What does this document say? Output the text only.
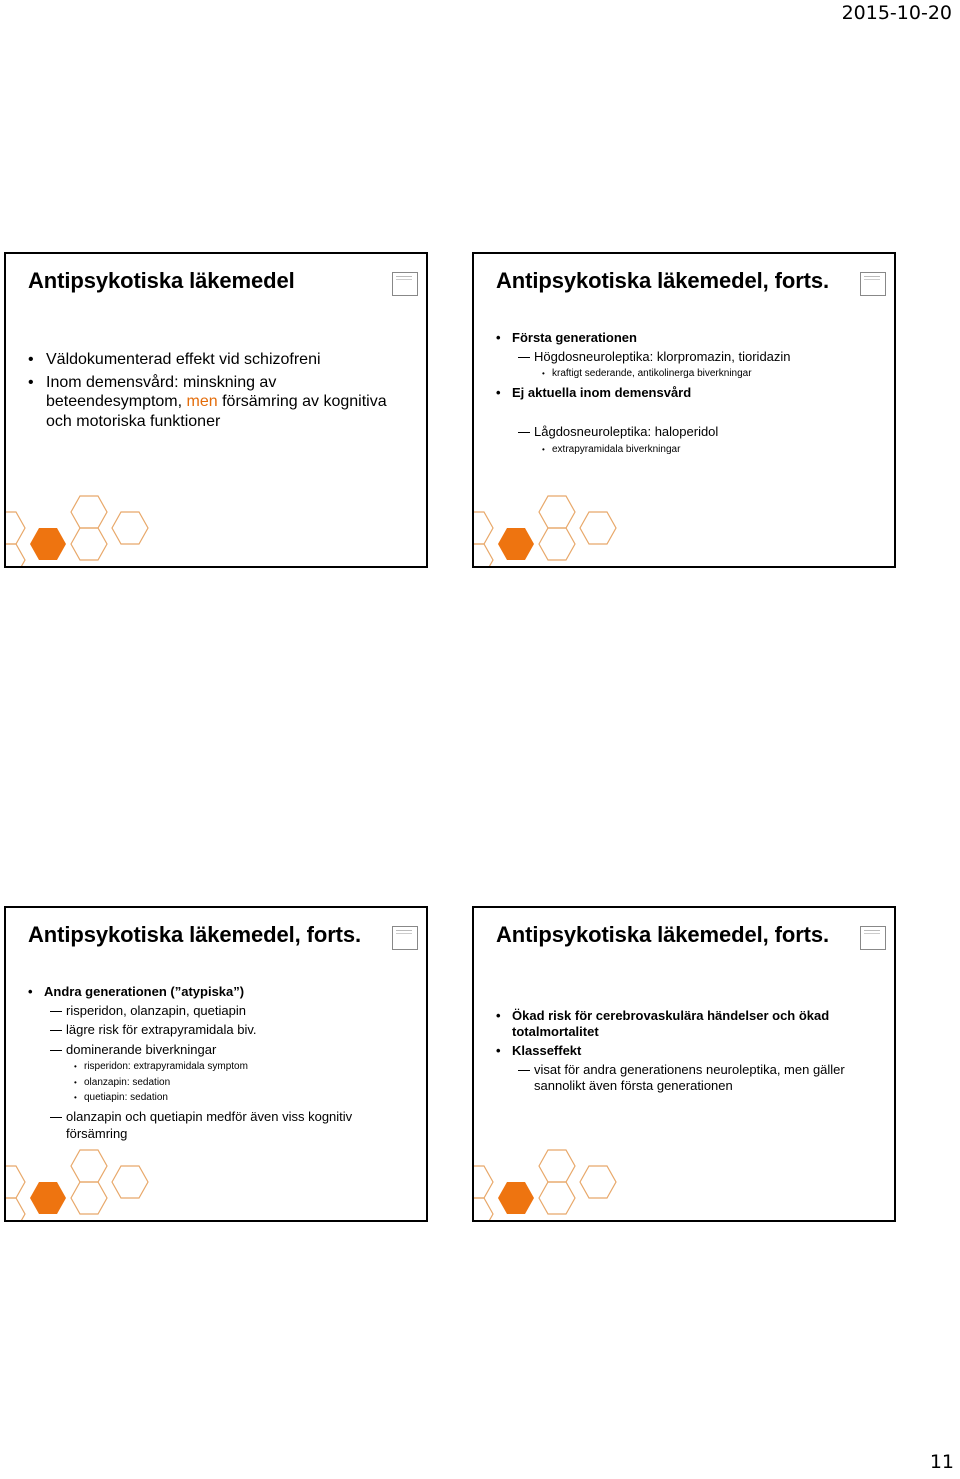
2015-10-20
Antipsykotiska läkemedel
• Väldokumenterad effekt vid schizofreni
• Inom demensvård: minskning av beteendesymptom, men försämring av kognitiva och motoriska funktioner
Antipsykotiska läkemedel, forts.
• Första generationen
Högdosneuroleptika: klorpromazin, tioridazin
• kraftigt sederande, antikolinerga biverkningar
• Ej aktuella inom demensvård
Lågdosneuroleptika: haloperidol
• extrapyramidala biverkningar
Antipsykotiska läkemedel, forts.
• Andra generationen (”atypiska”)
risperidon, olanzapin, quetiapin
lägre risk för extrapyramidala biv.
dominerande biverkningar
• risperidon: extrapyramidala symptom
• olanzapin: sedation
• quetiapin: sedation
olanzapin och quetiapin medför även viss kognitiv försämring
Antipsykotiska läkemedel, forts.
• Ökad risk för cerebrovaskulära händelser och ökad totalmortalitet
• Klasseffekt
visat för andra generationens neuroleptika, men gäller sannolikt även första generationen
11
